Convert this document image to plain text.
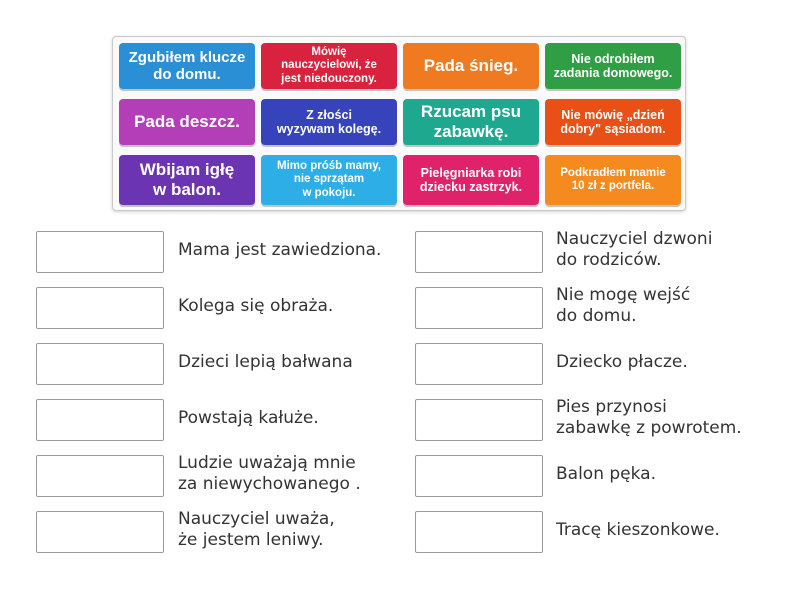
Zgubiłem klucze
do domu.
Mówię
nauczycielowi, że
jest niedouczony.
Pada śnieg.	Nie odrobiłem
zadania domowego.
Pada deszcz.	Z złości
wyzywam kolegę.
Rzucam psu
zabawkę.
Nie mówię „dzień
dobry" sąsiadom.
Wbijam igłę
w balon.
Mimo próśb mamy,
nie sprzątam
w pokoju.
Pielęgniarka robi
dziecku zastrzyk.
Podkradłem mamie
10 zł z portfela.
Mama jest zawiedziona.
Kolega się obraża.
Dzieci lepią bałwana
Powstają kałuże.
Ludzie uważają mnie
za niewychowanego .
Nauczyciel uważa,
że jestem leniwy.
Nauczyciel dzwoni
do rodziców.
Nie mogę wejść
do domu.
Dziecko płacze.
Pies przynosi
zabawkę z powrotem.
Balon pęka.
Tracę kieszonkowe.
